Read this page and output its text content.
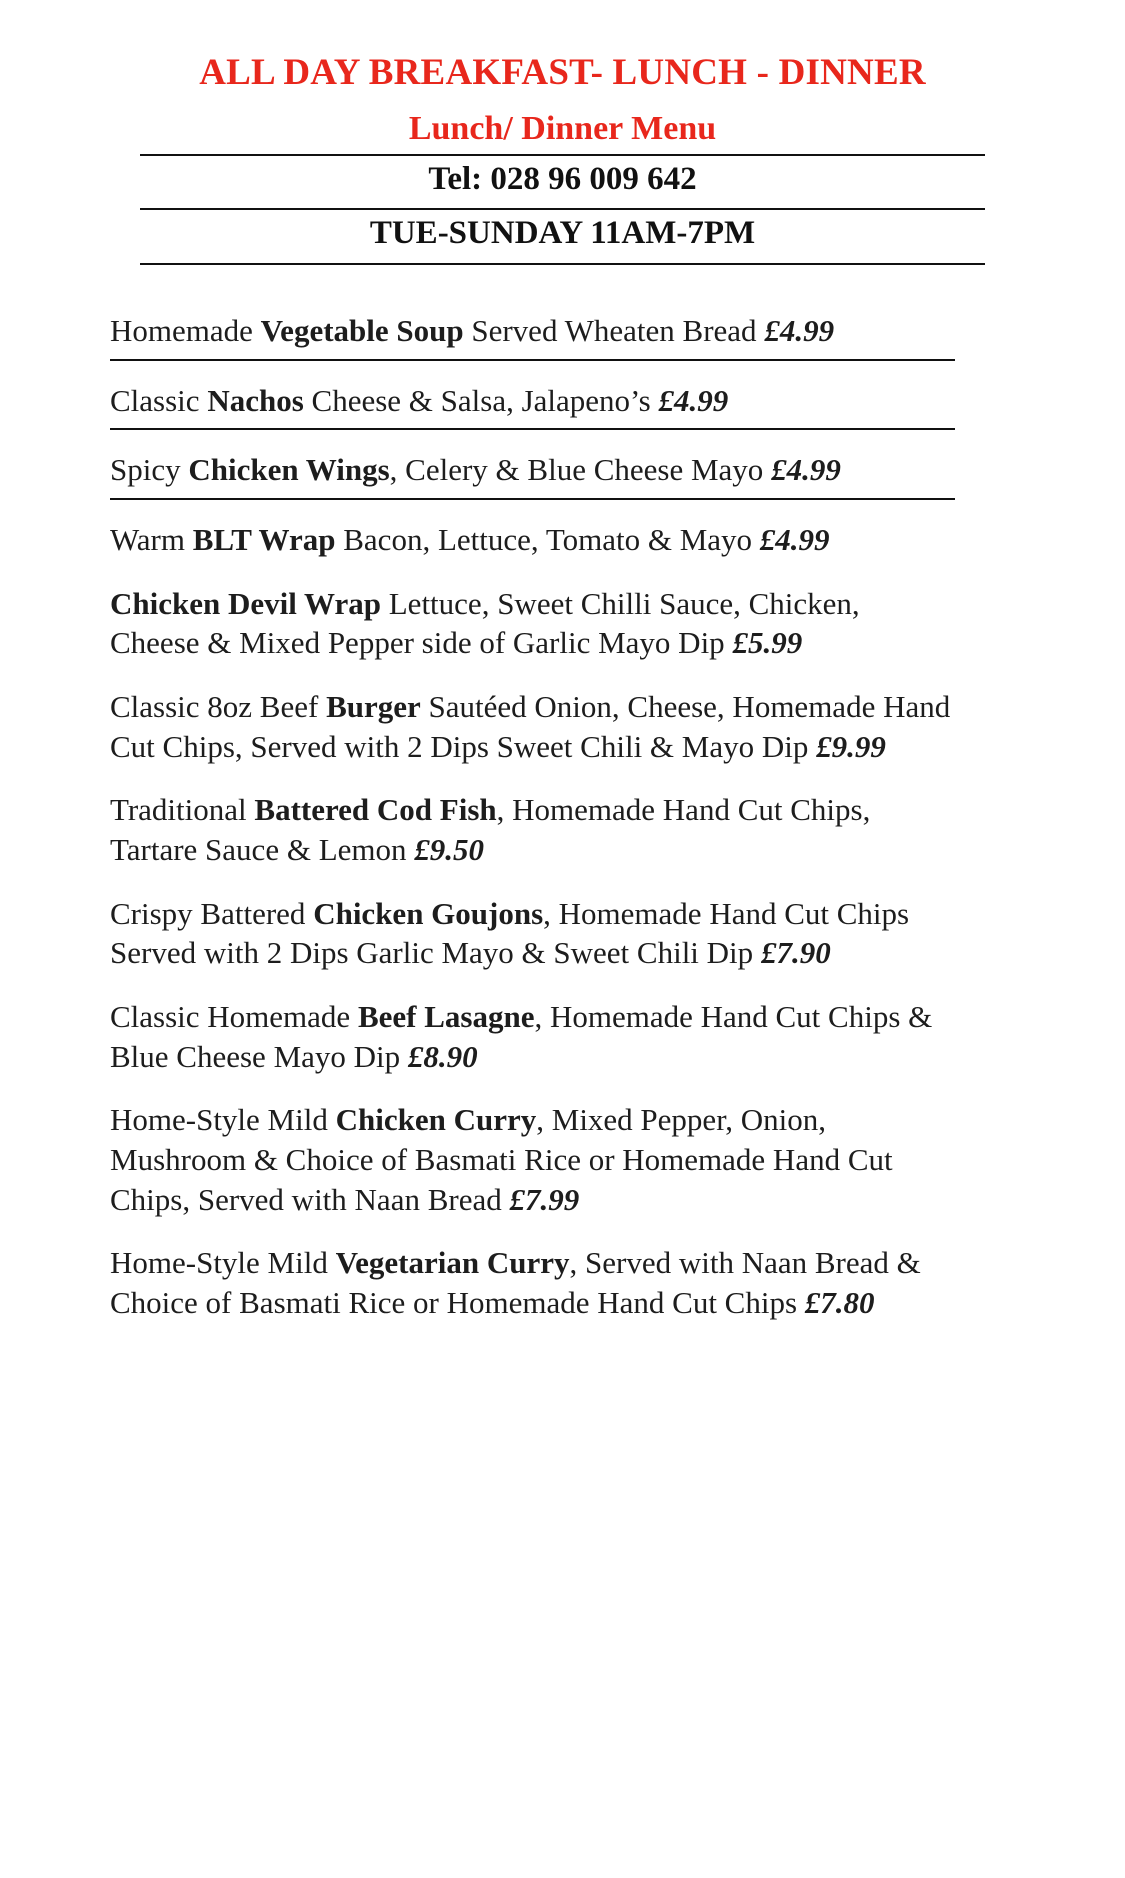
ALL DAY BREAKFAST- LUNCH - DINNER
Lunch/ Dinner Menu
Tel: 028 96 009 642
TUE-SUNDAY 11AM-7PM
Homemade Vegetable Soup Served Wheaten Bread £4.99
Classic Nachos Cheese & Salsa, Jalapeno’s £4.99
Spicy Chicken Wings, Celery & Blue Cheese Mayo £4.99
Warm BLT Wrap Bacon, Lettuce, Tomato & Mayo £4.99
Chicken Devil Wrap Lettuce, Sweet Chilli Sauce, Chicken, Cheese & Mixed Pepper side of Garlic Mayo Dip £5.99
Classic 8oz Beef Burger Sautéed Onion, Cheese, Homemade Hand Cut Chips, Served with 2 Dips Sweet Chili & Mayo Dip £9.99
Traditional Battered Cod Fish, Homemade Hand Cut Chips, Tartare Sauce & Lemon £9.50
Crispy Battered Chicken Goujons, Homemade Hand Cut Chips Served with 2 Dips Garlic Mayo & Sweet Chili Dip £7.90
Classic Homemade Beef Lasagne, Homemade Hand Cut Chips & Blue Cheese Mayo Dip £8.90
Home-Style Mild Chicken Curry, Mixed Pepper, Onion, Mushroom & Choice of Basmati Rice or Homemade Hand Cut Chips, Served with Naan Bread £7.99
Home-Style Mild Vegetarian Curry, Served with Naan Bread & Choice of Basmati Rice or Homemade Hand Cut Chips £7.80
